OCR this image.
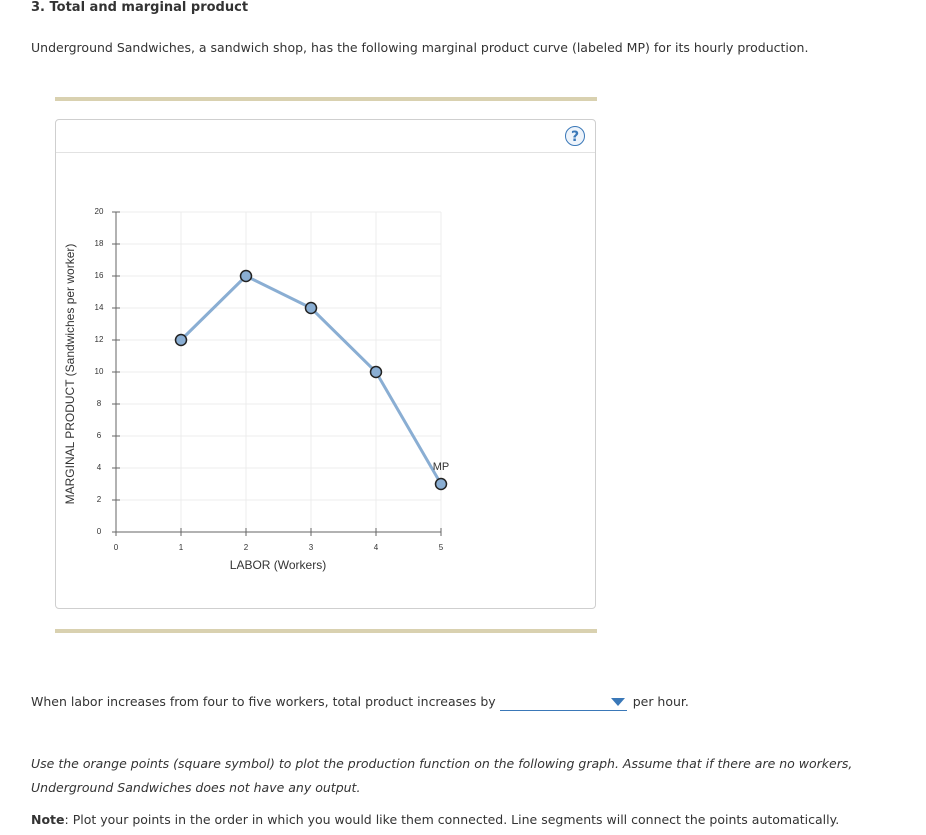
3. Total and marginal product
Underground Sandwiches, a sandwich shop, has the following marginal product curve (labeled MP) for its hourly production.
?
0
2
4
6
8
10
12
14
16
18
20
0	1	2	3	4	5
MP
LABOR (Workers)
MARGINAL PRODUCT (Sandwiches per worker)
When labor increases from four to five workers, total product increases by	per hour.
Use the orange points (square symbol) to plot the production function on the following graph. Assume that if there are no workers, Underground Sandwiches does not have any output.
Note: Plot your points in the order in which you would like them connected. Line segments will connect the points automatically.
